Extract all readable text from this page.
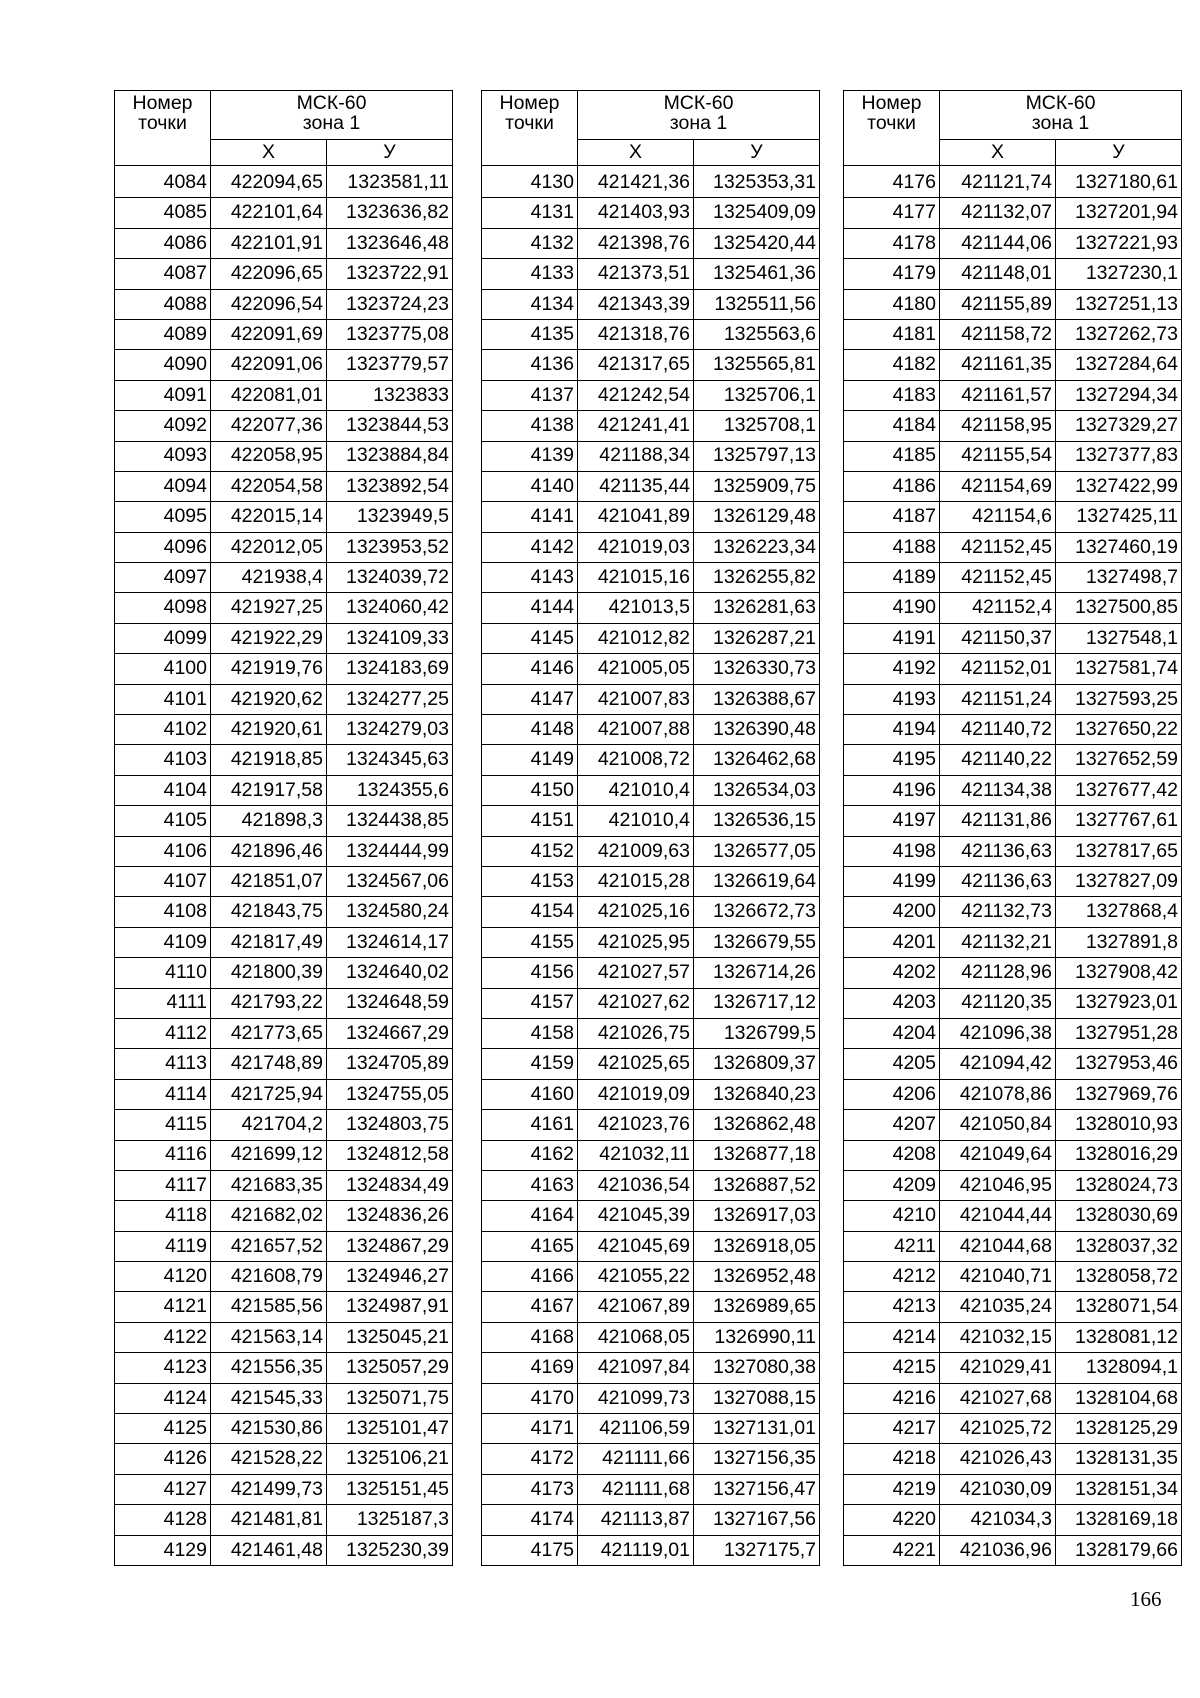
Номер
точки	МСК-60
зона 1	

	Х	У
4084	422094,65	1323581,11
4085	422101,64	1323636,82
4086	422101,91	1323646,48
4087	422096,65	1323722,91
4088	422096,54	1323724,23
4089	422091,69	1323775,08
4090	422091,06	1323779,57
4091	422081,01	1323833
4092	422077,36	1323844,53
4093	422058,95	1323884,84
4094	422054,58	1323892,54
4095	422015,14	1323949,5
4096	422012,05	1323953,52
4097	421938,4	1324039,72
4098	421927,25	1324060,42
4099	421922,29	1324109,33
4100	421919,76	1324183,69
4101	421920,62	1324277,25
4102	421920,61	1324279,03
4103	421918,85	1324345,63
4104	421917,58	1324355,6
4105	421898,3	1324438,85
4106	421896,46	1324444,99
4107	421851,07	1324567,06
4108	421843,75	1324580,24
4109	421817,49	1324614,17
4110	421800,39	1324640,02
4111	421793,22	1324648,59
4112	421773,65	1324667,29
4113	421748,89	1324705,89
4114	421725,94	1324755,05
4115	421704,2	1324803,75
4116	421699,12	1324812,58
4117	421683,35	1324834,49
4118	421682,02	1324836,26
4119	421657,52	1324867,29
4120	421608,79	1324946,27
4121	421585,56	1324987,91
4122	421563,14	1325045,21
4123	421556,35	1325057,29
4124	421545,33	1325071,75
4125	421530,86	1325101,47
4126	421528,22	1325106,21
4127	421499,73	1325151,45
4128	421481,81	1325187,3
4129	421461,48	1325230,39
Номер
точки	МСК-60
зона 1	

	Х	У
4130	421421,36	1325353,31
4131	421403,93	1325409,09
4132	421398,76	1325420,44
4133	421373,51	1325461,36
4134	421343,39	1325511,56
4135	421318,76	1325563,6
4136	421317,65	1325565,81
4137	421242,54	1325706,1
4138	421241,41	1325708,1
4139	421188,34	1325797,13
4140	421135,44	1325909,75
4141	421041,89	1326129,48
4142	421019,03	1326223,34
4143	421015,16	1326255,82
4144	421013,5	1326281,63
4145	421012,82	1326287,21
4146	421005,05	1326330,73
4147	421007,83	1326388,67
4148	421007,88	1326390,48
4149	421008,72	1326462,68
4150	421010,4	1326534,03
4151	421010,4	1326536,15
4152	421009,63	1326577,05
4153	421015,28	1326619,64
4154	421025,16	1326672,73
4155	421025,95	1326679,55
4156	421027,57	1326714,26
4157	421027,62	1326717,12
4158	421026,75	1326799,5
4159	421025,65	1326809,37
4160	421019,09	1326840,23
4161	421023,76	1326862,48
4162	421032,11	1326877,18
4163	421036,54	1326887,52
4164	421045,39	1326917,03
4165	421045,69	1326918,05
4166	421055,22	1326952,48
4167	421067,89	1326989,65
4168	421068,05	1326990,11
4169	421097,84	1327080,38
4170	421099,73	1327088,15
4171	421106,59	1327131,01
4172	421111,66	1327156,35
4173	421111,68	1327156,47
4174	421113,87	1327167,56
4175	421119,01	1327175,7
Номер
точки	МСК-60
зона 1	

	Х	У
4176	421121,74	1327180,61
4177	421132,07	1327201,94
4178	421144,06	1327221,93
4179	421148,01	1327230,1
4180	421155,89	1327251,13
4181	421158,72	1327262,73
4182	421161,35	1327284,64
4183	421161,57	1327294,34
4184	421158,95	1327329,27
4185	421155,54	1327377,83
4186	421154,69	1327422,99
4187	421154,6	1327425,11
4188	421152,45	1327460,19
4189	421152,45	1327498,7
4190	421152,4	1327500,85
4191	421150,37	1327548,1
4192	421152,01	1327581,74
4193	421151,24	1327593,25
4194	421140,72	1327650,22
4195	421140,22	1327652,59
4196	421134,38	1327677,42
4197	421131,86	1327767,61
4198	421136,63	1327817,65
4199	421136,63	1327827,09
4200	421132,73	1327868,4
4201	421132,21	1327891,8
4202	421128,96	1327908,42
4203	421120,35	1327923,01
4204	421096,38	1327951,28
4205	421094,42	1327953,46
4206	421078,86	1327969,76
4207	421050,84	1328010,93
4208	421049,64	1328016,29
4209	421046,95	1328024,73
4210	421044,44	1328030,69
4211	421044,68	1328037,32
4212	421040,71	1328058,72
4213	421035,24	1328071,54
4214	421032,15	1328081,12
4215	421029,41	1328094,1
4216	421027,68	1328104,68
4217	421025,72	1328125,29
4218	421026,43	1328131,35
4219	421030,09	1328151,34
4220	421034,3	1328169,18
4221	421036,96	1328179,66
166
